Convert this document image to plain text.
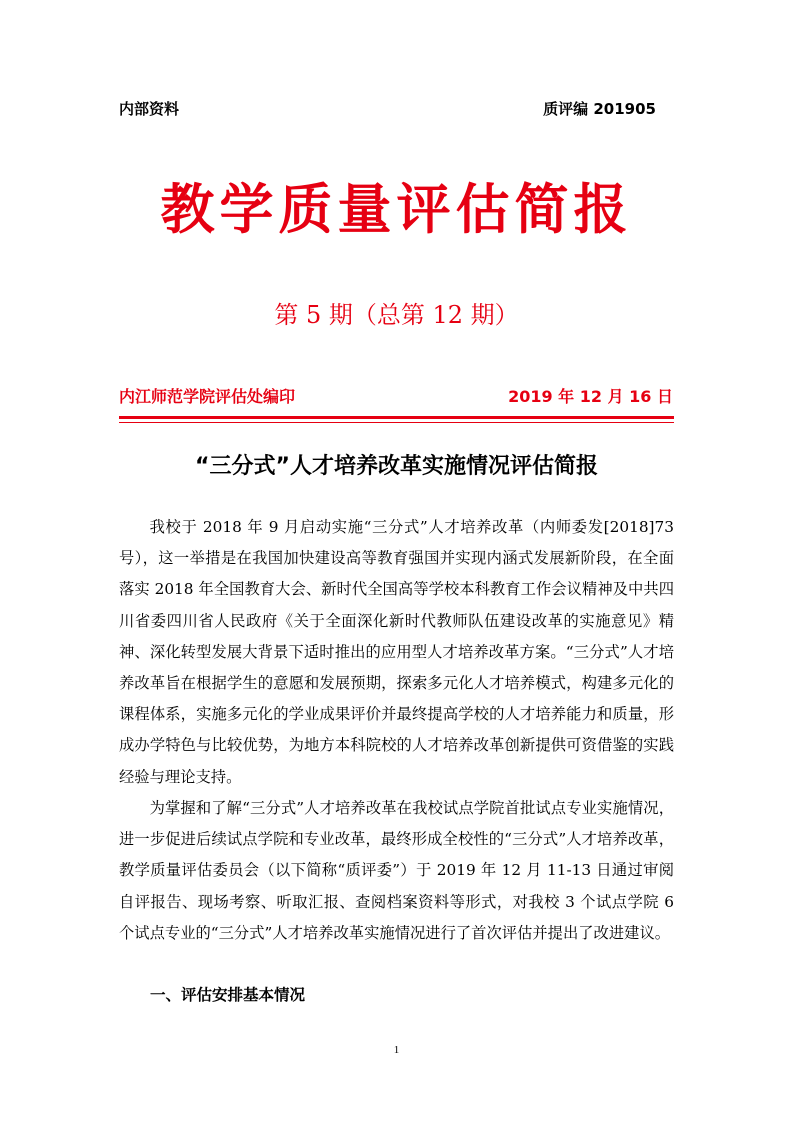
内部资料	质评编 201905
教学质量评估简报
第 5 期（总第 12 期）
内江师范学院评估处编印	2019 年 12 月 16 日
“三分式”人才培养改革实施情况评估简报

我校于 2018 年 9 月启动实施“三分式”人才培养改革（内师委发[2018]73 号），这一举措是在我国加快建设高等教育强国并实现内涵式发展新阶段，在全面落实 2018 年全国教育大会、新时代全国高等学校本科教育工作会议精神及中共四川省委四川省人民政府《关于全面深化新时代教师队伍建设改革的实施意见》精神、深化转型发展大背景下适时推出的应用型人才培养改革方案。“三分式”人才培养改革旨在根据学生的意愿和发展预期，探索多元化人才培养模式，构建多元化的课程体系，实施多元化的学业成果评价并最终提高学校的人才培养能力和质量，形成办学特色与比较优势，为地方本科院校的人才培养改革创新提供可资借鉴的实践经验与理论支持。

为掌握和了解“三分式”人才培养改革在我校试点学院首批试点专业实施情况，进一步促进后续试点学院和专业改革，最终形成全校性的“三分式”人才培养改革，教学质量评估委员会（以下简称“质评委”）于 2019 年 12 月 11-13 日通过审阅自评报告、现场考察、听取汇报、查阅档案资料等形式，对我校 3 个试点学院 6 个试点专业的“三分式”人才培养改革实施情况进行了首次评估并提出了改进建议。

一、评估安排基本情况
1
